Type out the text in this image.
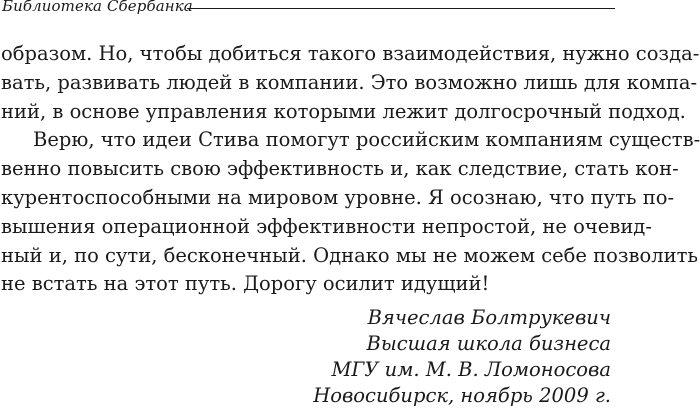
Библиотека Сбербанка
образом. Но, чтобы добиться такого взаимодействия, нужно созда-
вать, развивать людей в компании. Это возможно лишь для компа-
ний, в основе управления которыми лежит долгосрочный подход.
Верю, что идеи Стива помогут российским компаниям существ-
венно повысить свою эффективность и, как следствие, стать кон-
курентоспособными на мировом уровне. Я осознаю, что путь по-
вышения операционной эффективности непростой, не очевид-
ный и, по сути, бесконечный. Однако мы не можем себе позволить
не встать на этот путь. Дорогу осилит идущий!
Вячеслав Болтрукевич
Высшая школа бизнеса
МГУ им. М. В. Ломоносова
Новосибирск, ноябрь 2009 г.
